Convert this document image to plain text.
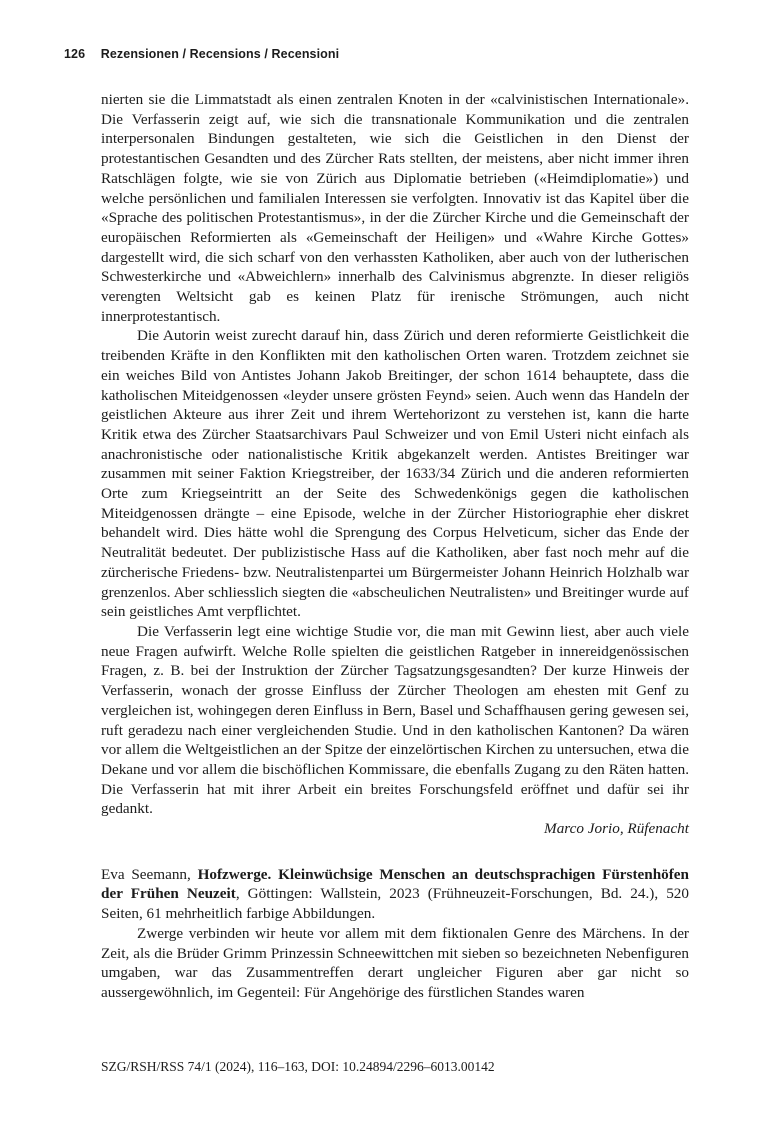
126 Rezensionen / Recensions / Recensioni

nierten sie die Limmatstadt als einen zentralen Knoten in der «calvinistischen Internationale». Die Verfasserin zeigt auf, wie sich die transnationale Kommunikation und die zentralen interpersonalen Bindungen gestalteten, wie sich die Geistlichen in den Dienst der protestantischen Gesandten und des Zürcher Rats stellten, der meistens, aber nicht immer ihren Ratschlägen folgte, wie sie von Zürich aus Diplomatie betrieben («Heimdiplomatie») und welche persönlichen und familialen Interessen sie verfolgten. Innovativ ist das Kapitel über die «Sprache des politischen Protestantismus», in der die Zürcher Kirche und die Gemeinschaft der europäischen Reformierten als «Gemeinschaft der Heiligen» und «Wahre Kirche Gottes» dargestellt wird, die sich scharf von den verhassten Katholiken, aber auch von der lutherischen Schwesterkirche und «Abweichlern» innerhalb des Calvinismus abgrenzte. In dieser religiös verengten Weltsicht gab es keinen Platz für irenische Strömungen, auch nicht innerprotestantisch.

Die Autorin weist zurecht darauf hin, dass Zürich und deren reformierte Geistlichkeit die treibenden Kräfte in den Konflikten mit den katholischen Orten waren. Trotzdem zeichnet sie ein weiches Bild von Antistes Johann Jakob Breitinger, der schon 1614 behauptete, dass die katholischen Miteidgenossen «leyder unsere grösten Feynd» seien. Auch wenn das Handeln der geistlichen Akteure aus ihrer Zeit und ihrem Wertehorizont zu verstehen ist, kann die harte Kritik etwa des Zürcher Staatsarchivars Paul Schweizer und von Emil Usteri nicht einfach als anachronistische oder nationalistische Kritik abgekanzelt werden. Antistes Breitinger war zusammen mit seiner Faktion Kriegstreiber, der 1633/34 Zürich und die anderen reformierten Orte zum Kriegseintritt an der Seite des Schwedenkönigs gegen die katholischen Miteidgenossen drängte – eine Episode, welche in der Zürcher Historiographie eher diskret behandelt wird. Dies hätte wohl die Sprengung des Corpus Helveticum, sicher das Ende der Neutralität bedeutet. Der publizistische Hass auf die Katholiken, aber fast noch mehr auf die zürcherische Friedens- bzw. Neutralistenpartei um Bürgermeister Johann Heinrich Holzhalb war grenzenlos. Aber schliesslich siegten die «abscheulichen Neutralisten» und Breitinger wurde auf sein geistliches Amt verpflichtet.

Die Verfasserin legt eine wichtige Studie vor, die man mit Gewinn liest, aber auch viele neue Fragen aufwirft. Welche Rolle spielten die geistlichen Ratgeber in innereidgenössischen Fragen, z. B. bei der Instruktion der Zürcher Tagsatzungsgesandten? Der kurze Hinweis der Verfasserin, wonach der grosse Einfluss der Zürcher Theologen am ehesten mit Genf zu vergleichen ist, wohingegen deren Einfluss in Bern, Basel und Schaffhausen gering gewesen sei, ruft geradezu nach einer vergleichenden Studie. Und in den katholischen Kantonen? Da wären vor allem die Weltgeistlichen an der Spitze der einzelörtischen Kirchen zu untersuchen, etwa die Dekane und vor allem die bischöflichen Kommissare, die ebenfalls Zugang zu den Räten hatten. Die Verfasserin hat mit ihrer Arbeit ein breites Forschungsfeld eröffnet und dafür sei ihr gedankt.

Marco Jorio, Rüfenacht

Eva Seemann, Hofzwerge. Kleinwüchsige Menschen an deutschsprachigen Fürstenhöfen der Frühen Neuzeit, Göttingen: Wallstein, 2023 (Frühneuzeit-Forschungen, Bd. 24.), 520 Seiten, 61 mehrheitlich farbige Abbildungen.

Zwerge verbinden wir heute vor allem mit dem fiktionalen Genre des Märchens. In der Zeit, als die Brüder Grimm Prinzessin Schneewittchen mit sieben so bezeichneten Nebenfiguren umgaben, war das Zusammentreffen derart ungleicher Figuren aber gar nicht so aussergewöhnlich, im Gegenteil: Für Angehörige des fürstlichen Standes waren

SZG/RSH/RSS 74/1 (2024), 116–163, DOI: 10.24894/2296–6013.00142
